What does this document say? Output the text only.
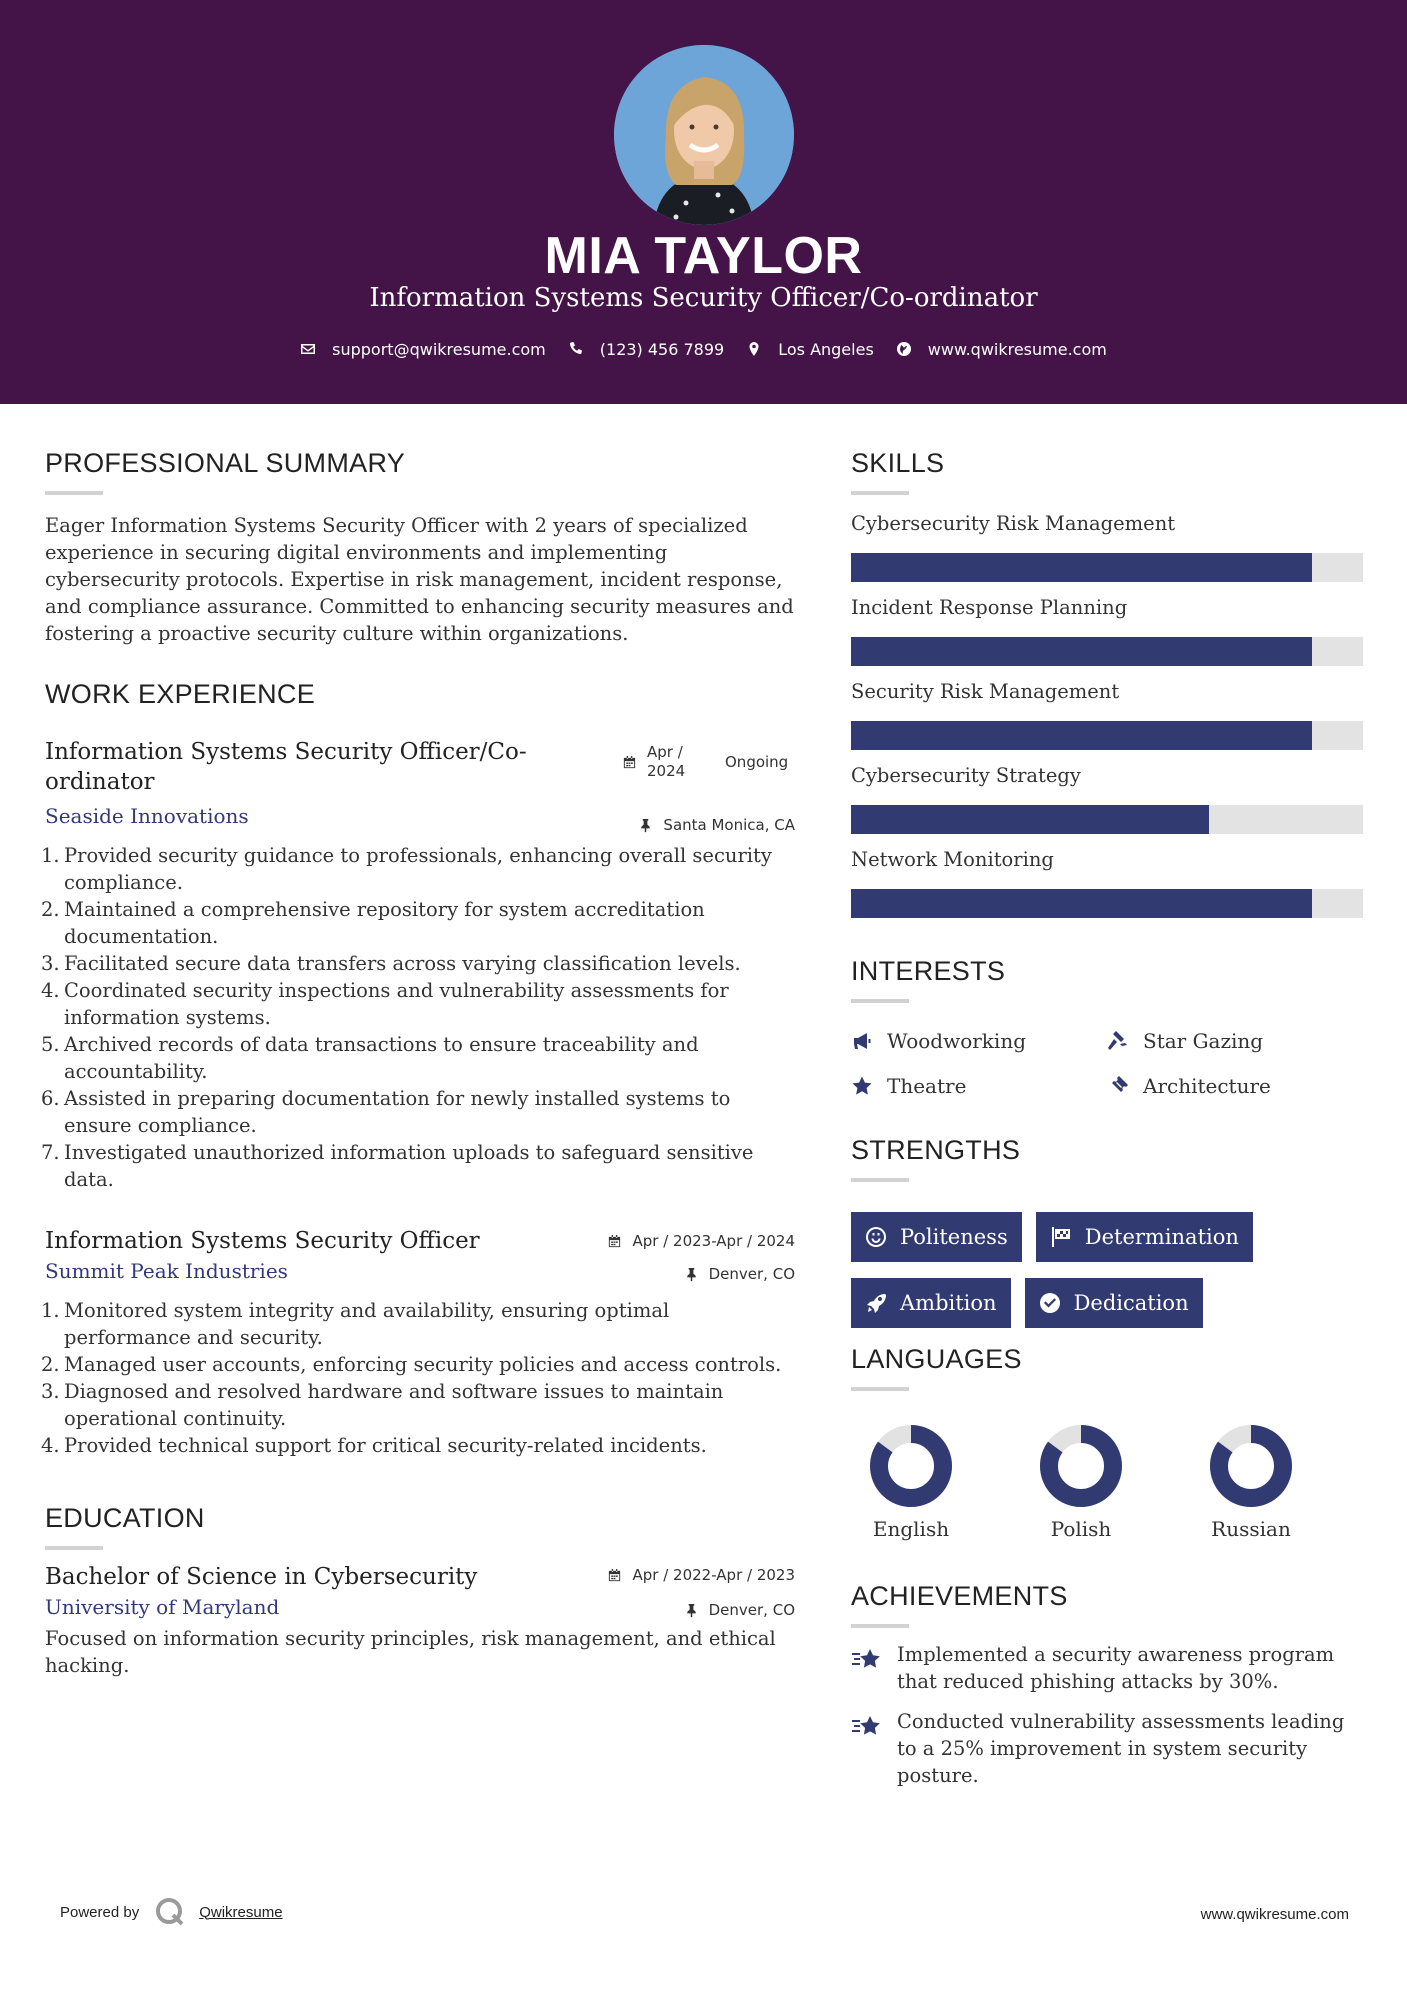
MIA TAYLOR
Information Systems Security Officer/Co-ordinator
support@qwikresume.com	(123) 456 7899	Los Angeles	www.qwikresume.com
PROFESSIONAL SUMMARY

Eager Information Systems Security Officer with 2 years of specialized experience in securing digital environments and implementing cybersecurity protocols. Expertise in risk management, incident response, and compliance assurance. Committed to enhancing security measures and fostering a proactive security culture within organizations.

WORK EXPERIENCE
Information Systems Security Officer/Co-ordinator
Apr / 2024
Ongoing
Seaside Innovations	Santa Monica, CA
1. Provided security guidance to professionals, enhancing overall security compliance.
2. Maintained a comprehensive repository for system accreditation documentation.
3. Facilitated secure data transfers across varying classification levels.
4. Coordinated security inspections and vulnerability assessments for information systems.
5. Archived records of data transactions to ensure traceability and accountability.
6. Assisted in preparing documentation for newly installed systems to ensure compliance.
7. Investigated unauthorized information uploads to safeguard sensitive data.
Information Systems Security Officer	Apr / 2023-Apr / 2024
Summit Peak Industries	Denver, CO
1. Monitored system integrity and availability, ensuring optimal performance and security.
2. Managed user accounts, enforcing security policies and access controls.
3. Diagnosed and resolved hardware and software issues to maintain operational continuity.
4. Provided technical support for critical security-related incidents.
EDUCATION
Bachelor of Science in Cybersecurity	Apr / 2022-Apr / 2023
University of Maryland	Denver, CO

Focused on information security principles, risk management, and ethical hacking.

SKILLS
Cybersecurity Risk Management
Incident Response Planning
Security Risk Management
Cybersecurity Strategy
Network Monitoring
INTERESTS
Woodworking	Star Gazing
Theatre	Architecture
STRENGTHS
Politeness	Determination
Ambition	Dedication
LANGUAGES
English	Polish	Russian
ACHIEVEMENTS
Implemented a security awareness program that reduced phishing attacks by 30%.
Conducted vulnerability assessments leading to a 25% improvement in system security posture.
Powered by	Qwikresume	www.qwikresume.com
